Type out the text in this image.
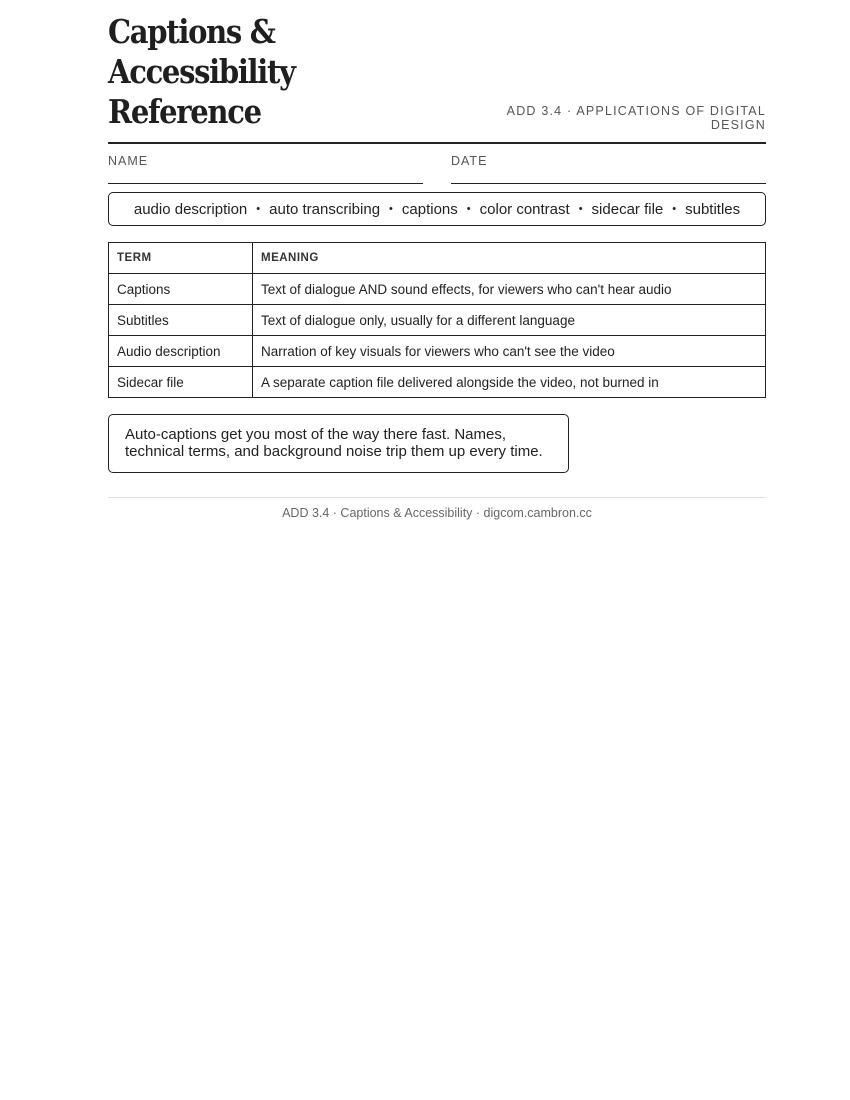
Captions & Accessibility
Reference	ADD 3.4 · APPLICATIONS OF DIGITAL DESIGN
NAME	DATE
audio description • auto transcribing • captions • color contrast • sidecar file • subtitles
TERM	MEANING
Captions	Text of dialogue AND sound effects, for viewers who can't hear audio
Subtitles	Text of dialogue only, usually for a different language
Audio description	Narration of key visuals for viewers who can't see the video
Sidecar file	A separate caption file delivered alongside the video, not burned in
Auto-captions get you most of the way there fast. Names, technical terms, and background noise trip them up every time.
ADD 3.4 · Captions & Accessibility · digcom.cambron.cc
